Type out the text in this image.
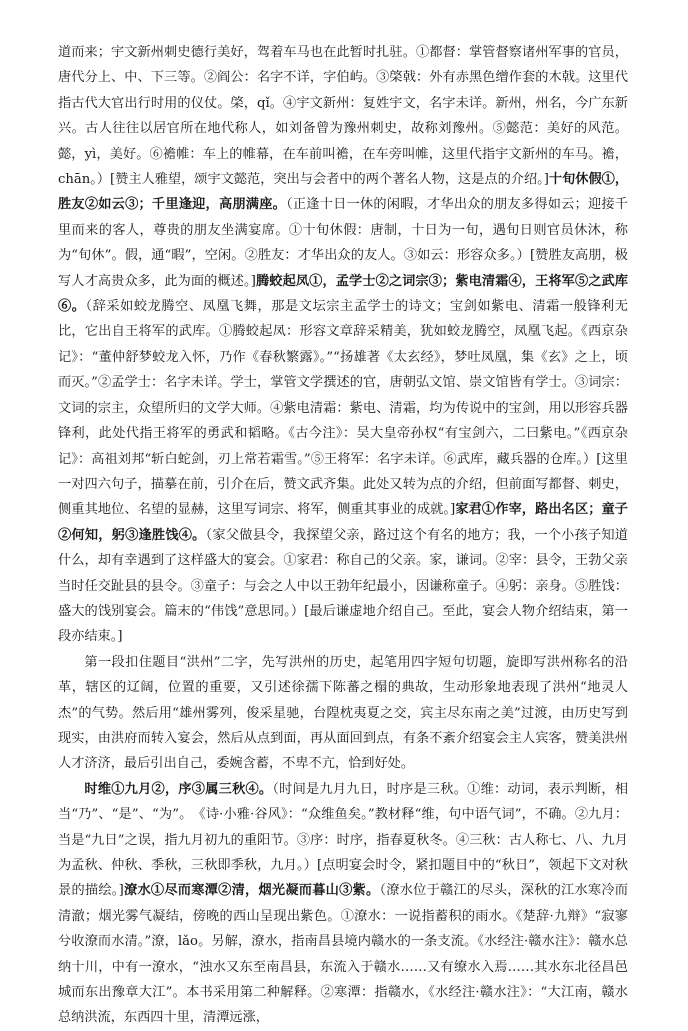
道而来；宇文新州刺史德行美好，驾着车马也在此暂时扎驻。①都督：掌管督察诸州军事的官员，唐代分上、中、下三等。②阎公：名字不详，字伯屿。③棨戟：外有赤黑色缯作套的木戟。这里代指古代大官出行时用的仪仗。棨，qǐ。④宇文新州：复姓宇文，名字未详。新州，州名，今广东新兴。古人往往以居官所在地代称人，如刘备曾为豫州刺史，故称刘豫州。⑤懿范：美好的风范。懿，yì，美好。⑥襜帷：车上的帷幕，在车前叫襜，在车旁叫帷，这里代指宇文新州的车马。襜，chān。）[赞主人雅望，颂宇文懿范，突出与会者中的两个著名人物，这是点的介绍。]十旬休假①，胜友②如云③；千里逢迎，高朋满座。（正逢十日一休的闲暇，才华出众的朋友多得如云；迎接千里而来的客人，尊贵的朋友坐满宴席。①十旬休假：唐制，十日为一旬，遇旬日则官员休沐，称为“旬休”。假，通“暇”，空闲。②胜友：才华出众的友人。③如云：形容众多。）[赞胜友高朋，极写人才高贵众多，此为面的概述。]腾蛟起凤①，孟学士②之词宗③；紫电清霜④，王将军⑤之武库⑥。（辞采如蛟龙腾空、凤凰飞舞，那是文坛宗主孟学士的诗文；宝剑如紫电、清霜一般锋利无比，它出自王将军的武库。①腾蛟起凤：形容文章辞采精美，犹如蛟龙腾空，凤凰飞起。《西京杂记》：“董仲舒梦蛟龙入怀，乃作《春秋繁露》。”“扬雄著《太玄经》，梦吐凤凰，集《玄》之上，顷而灭。”②孟学士：名字未详。学士，掌管文学撰述的官，唐朝弘文馆、崇文馆皆有学士。③词宗：文词的宗主，众望所归的文学大师。④紫电清霜：紫电、清霜，均为传说中的宝剑，用以形容兵器锋利，此处代指王将军的勇武和韬略。《古今注》：吴大皇帝孙权“有宝剑六，二曰紫电。”《西京杂记》：高祖刘邦“斩白蛇剑，刃上常若霜雪。”⑤王将军：名字未详。⑥武库，藏兵器的仓库。）[这里一对四六句子，描摹在前，引介在后，赞文武齐集。此处又转为点的介绍，但前面写都督、刺史，侧重其地位、名望的显赫，这里写词宗、将军，侧重其事业的成就。]家君①作宰，路出名区；童子②何知，躬③逢胜饯④。（家父做县令，我探望父亲，路过这个有名的地方；我，一个小孩子知道什么，却有幸遇到了这样盛大的宴会。①家君：称自己的父亲。家，谦词。②宰：县令，王勃父亲当时任交趾县的县令。③童子：与会之人中以王勃年纪最小，因谦称童子。④躬：亲身。⑤胜饯：盛大的饯别宴会。篇末的“伟饯”意思同。）[最后谦虚地介绍自己。至此，宴会人物介绍结束，第一段亦结束。]

第一段扣住题目“洪州”二字，先写洪州的历史，起笔用四字短句切题，旋即写洪州称名的沿革，辖区的辽阔，位置的重要，又引述徐孺下陈蕃之榻的典故，生动形象地表现了洪州“地灵人杰”的气势。然后用“雄州雾列，俊采星驰，台隍枕夷夏之交，宾主尽东南之美”过渡，由历史写到现实，由洪府而转入宴会，然后从点到面，再从面回到点，有条不紊介绍宴会主人宾客，赞美洪州人才济济，最后引出自己，委婉含蓄，不卑不亢，恰到好处。

时维①九月②，序③属三秋④。（时间是九月九日，时序是三秋。①维：动词，表示判断，相当“乃”、“是”、“为”。　《诗·小雅·谷风》：“众维鱼矣。”教材释“维，句中语气词”，不确。②九月：当是“九日”之误，指九月初九的重阳节。③序：时序，指春夏秋冬。④三秋：古人称七、八、九月为孟秋、仲秋、季秋，三秋即季秋，九月。）[点明宴会时令，紧扣题目中的“秋日”，领起下文对秋景的描绘。]潦水①尽而寒潭②清，烟光凝而暮山③紫。（潦水位于赣江的尽头，深秋的江水寒冷而清澈；烟光雾气凝结，傍晚的西山呈现出紫色。①潦水：一说指蓄积的雨水。《楚辞·九辩》“寂寥兮收潦而水清。”潦，lǎo。另解，潦水，指南昌县境内赣水的一条支流。《水经注·赣水注》：赣水总纳十川，中有一潦水，“浊水又东至南昌县，东流入于赣水……又有缭水入焉……其水东北径昌邑城而东出豫章大江”。本书采用第二种解释。②寒潭：指赣水，《水经注·赣水注》：“大江南，赣水总纳洪流，东西四十里，清潭远涨，
